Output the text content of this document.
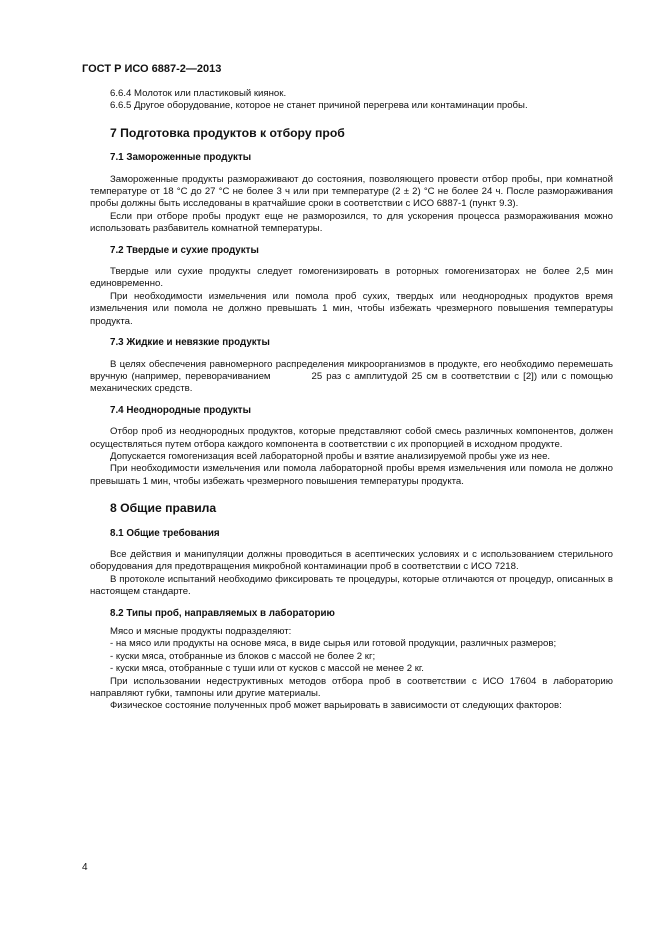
ГОСТ Р ИСО 6887-2—2013

6.6.4 Молоток или пластиковый киянок.

6.6.5 Другое оборудование, которое не станет причиной перегрева или контаминации пробы.

7 Подготовка продуктов к отбору проб

7.1 Замороженные продукты

Замороженные продукты размораживают до состояния, позволяющего провести отбор пробы, при комнатной температуре от 18 °С до 27 °С не более 3 ч или при температуре (2 ± 2) °С не более 24 ч. После размораживания пробы должны быть исследованы в кратчайшие сроки в соответствии с ИСО 6887-1 (пункт 9.3).

Если при отборе пробы продукт еще не разморозился, то для ускорения процесса размораживания можно использовать разбавитель комнатной температуры.

7.2 Твердые и сухие продукты

Твердые или сухие продукты следует гомогенизировать в роторных гомогенизаторах не более 2,5 мин единовременно.

При необходимости измельчения или помола проб сухих, твердых или неоднородных продуктов время измельчения или помола не должно превышать 1 мин, чтобы избежать чрезмерного повышения температуры продукта.

7.3 Жидкие и невязкие продукты

В целях обеспечения равномерного распределения микроорганизмов в продукте, его необходимо перемешать вручную (например, переворачиванием          25 раз с амплитудой 25 см в соответствии с [2]) или с помощью механических средств.

7.4 Неоднородные продукты

Отбор проб из неоднородных продуктов, которые представляют собой смесь различных компонентов, должен осуществляться путем отбора каждого компонента в соответствии с их пропорцией в исходном продукте.

Допускается гомогенизация всей лабораторной пробы и взятие анализируемой пробы уже из нее.

При необходимости измельчения или помола лабораторной пробы время измельчения или помола не должно превышать 1 мин, чтобы избежать чрезмерного повышения температуры продукта.

8 Общие правила

8.1 Общие требования

Все действия и манипуляции должны проводиться в асептических условиях и с использованием стерильного оборудования для предотвращения микробной контаминации проб в соответствии с ИСО 7218.

В протоколе испытаний необходимо фиксировать те процедуры, которые отличаются от процедур, описанных в настоящем стандарте.

8.2 Типы проб, направляемых в лабораторию

Мясо и мясные продукты подразделяют:

- на мясо или продукты на основе мяса, в виде сырья или готовой продукции, различных размеров;

- куски мяса, отобранные из блоков с массой не более 2 кг;

- куски мяса, отобранные с туши или от кусков с массой не менее 2 кг.

При использовании недеструктивных методов отбора проб в соответствии с ИСО 17604 в лабораторию направляют губки, тампоны или другие материалы.

Физическое состояние полученных проб может варьировать в зависимости от следующих факторов:

4
